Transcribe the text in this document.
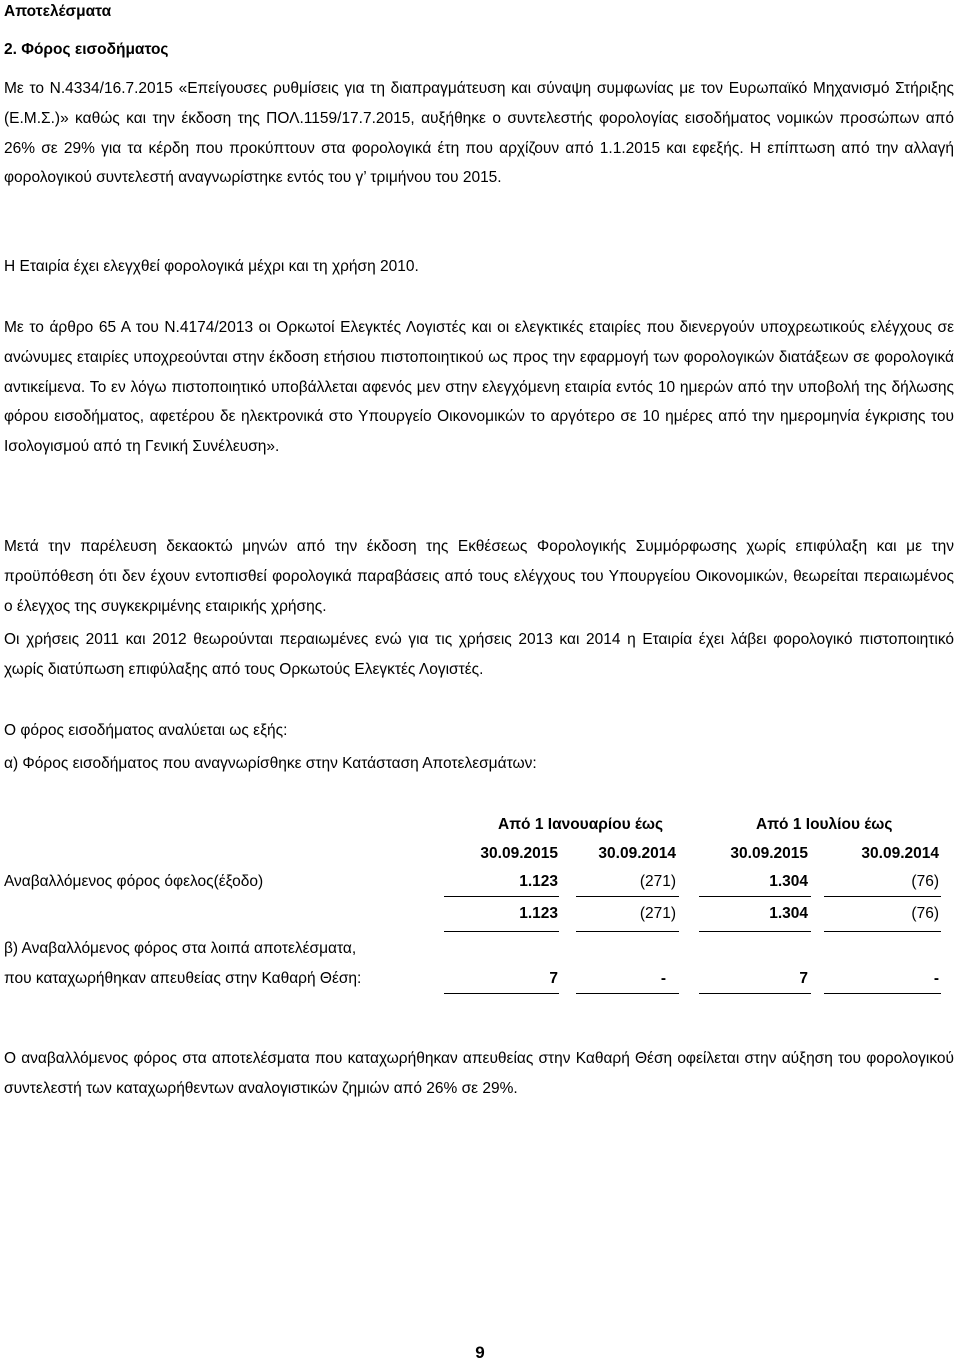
Αποτελέσματα
2. Φόρος εισοδήματος

Με το Ν.4334/16.7.2015 «Επείγουσες ρυθμίσεις για τη διαπραγμάτευση και σύναψη συμφωνίας με τον Ευρωπαϊκό Μηχανισμό Στήριξης (Ε.Μ.Σ.)» καθώς και την έκδοση της ΠΟΛ.1159/17.7.2015, αυξήθηκε ο συντελεστής φορολογίας εισοδήματος νομικών προσώπων από 26% σε 29% για τα κέρδη που προκύπτουν στα φορολογικά έτη που αρχίζουν από 1.1.2015 και εφεξής. Η επίπτωση από την αλλαγή φορολογικού συντελεστή αναγνωρίστηκε εντός του γ’ τριμήνου του 2015.

Η Εταιρία έχει ελεγχθεί φορολογικά μέχρι και τη χρήση 2010.

Με το άρθρο 65 Α του Ν.4174/2013 οι Ορκωτοί Ελεγκτές Λογιστές και οι ελεγκτικές εταιρίες που διενεργούν υποχρεωτικούς ελέγχους σε ανώνυμες εταιρίες υποχρεούνται στην έκδοση ετήσιου πιστοποιητικού ως προς την εφαρμογή των φορολογικών διατάξεων σε φορολογικά αντικείμενα. Το εν λόγω πιστοποιητικό υποβάλλεται αφενός μεν στην ελεγχόμενη εταιρία εντός 10 ημερών από την υποβολή της δήλωσης φόρου εισοδήματος, αφετέρου δε ηλεκτρονικά στο Υπουργείο Οικονομικών το αργότερο σε 10 ημέρες από την ημερομηνία έγκρισης του Ισολογισμού από τη Γενική Συνέλευση».

Μετά την παρέλευση δεκαοκτώ μηνών από την έκδοση της Εκθέσεως Φορολογικής Συμμόρφωσης χωρίς επιφύλαξη και με την προϋπόθεση ότι δεν έχουν εντοπισθεί φορολογικά παραβάσεις από τους ελέγχους του Υπουργείου Οικονομικών, θεωρείται περαιωμένος ο έλεγχος της συγκεκριμένης εταιρικής χρήσης.

Οι χρήσεις 2011 και 2012 θεωρούνται περαιωμένες ενώ για τις χρήσεις 2013 και 2014 η Εταιρία έχει λάβει φορολογικό πιστοποιητικό χωρίς διατύπωση επιφύλαξης από τους Ορκωτούς Ελεγκτές Λογιστές.

Ο φόρος εισοδήματος αναλύεται ως εξής:

α) Φόρος εισοδήματος που αναγνωρίσθηκε στην Κατάσταση Αποτελεσμάτων:

Από 1 Ιανουαρίου έως	Από 1 Ιουλίου έως
30.09.2015	30.09.2014	30.09.2015	30.09.2014
Αναβαλλόμενος φόρος όφελος(έξοδο)	1.123	(271)	1.304	(76)
1.123	(271)	1.304	(76)
β) Αναβαλλόμενος φόρος στα λοιπά αποτελέσματα,
που καταχωρήθηκαν απευθείας στην Καθαρή Θέση:	7	-	7	-

Ο αναβαλλόμενος φόρος στα αποτελέσματα που καταχωρήθηκαν απευθείας στην Καθαρή Θέση οφείλεται στην αύξηση του φορολογικού συντελεστή των καταχωρήθεντων αναλογιστικών ζημιών από 26% σε 29%.

9
